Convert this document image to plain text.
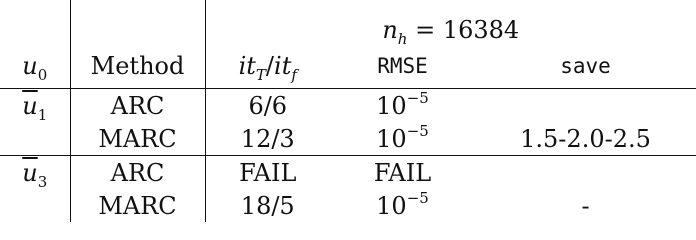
		$n_h = 16384$		
$u_0$	Method	$it_T/it_f$	RMSE	save
$\overline{u}_1$	ARC	6/6	$10^{-5}$	
	MARC	12/3	$10^{-5}$	1.5-2.0-2.5
$\overline{u}_3$	ARC	FAIL	FAIL	
	MARC	18/5	$10^{-5}$	-
